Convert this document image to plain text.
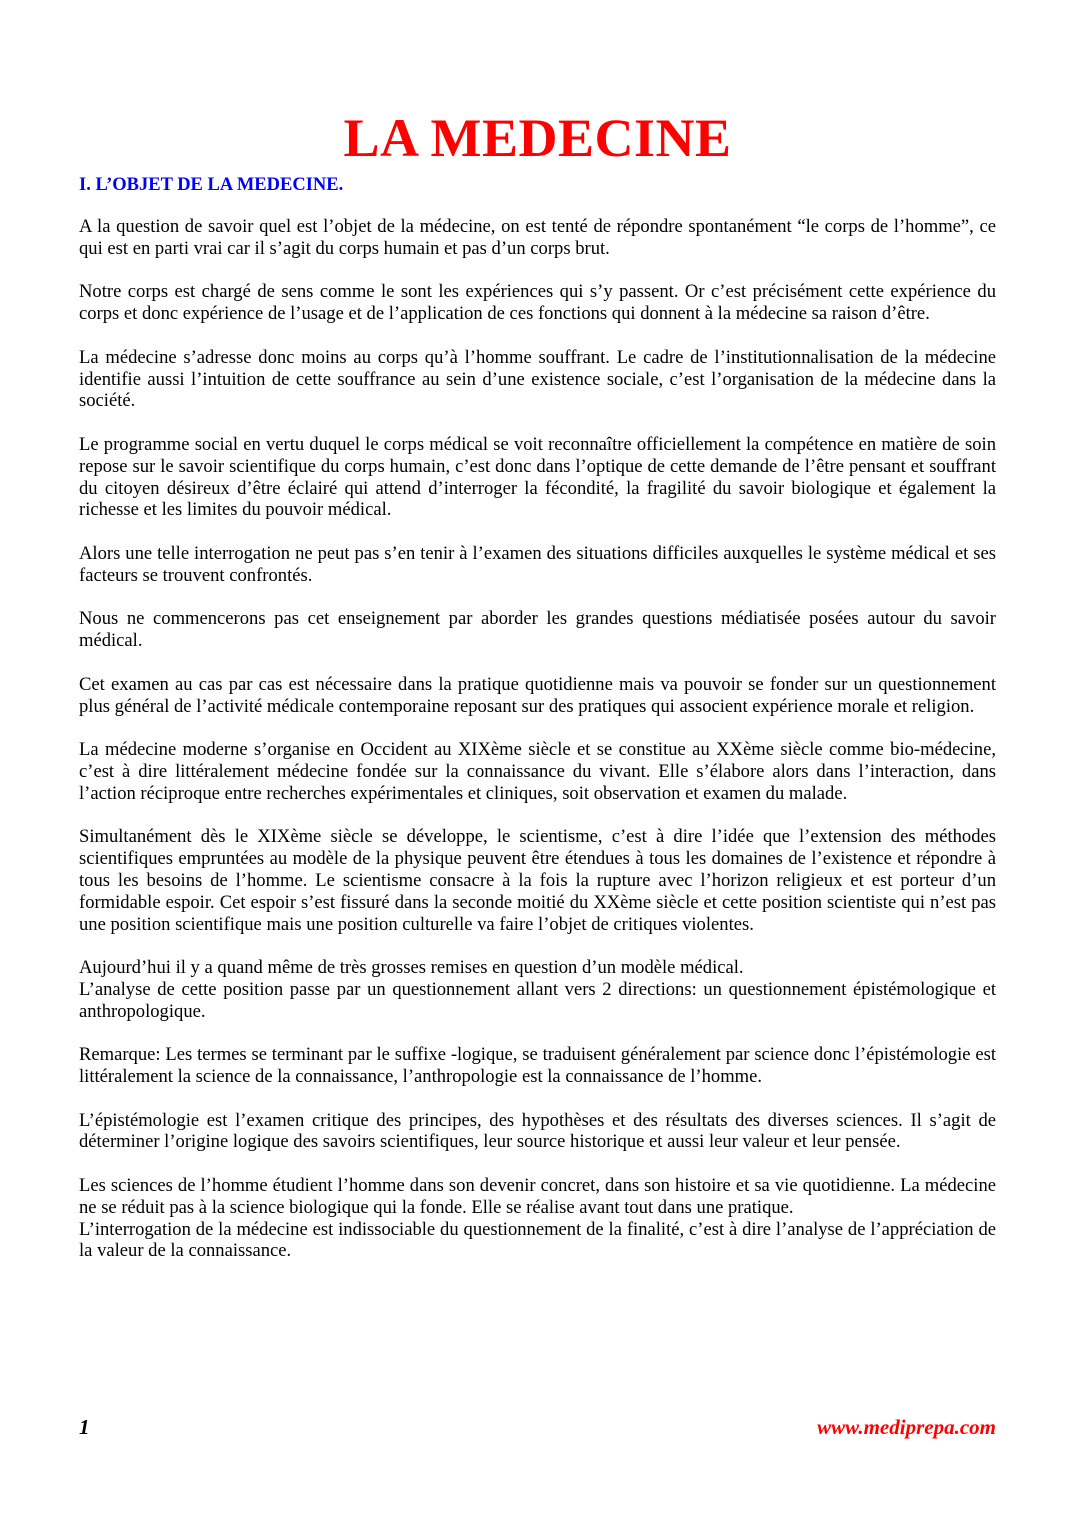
LA MEDECINE
I. L’OBJET DE LA MEDECINE.

A la question de savoir quel est l’objet de la médecine, on est tenté de répondre spontanément “le corps de l’homme”, ce qui est en parti vrai car il s’agit du corps humain et pas d’un corps brut.

Notre corps est chargé de sens comme le sont les expériences qui s’y passent. Or c’est précisément cette expérience du corps et donc expérience de l’usage et de l’application de ces fonctions qui donnent à la médecine sa raison d’être.

La médecine s’adresse donc moins au corps qu’à l’homme souffrant. Le cadre de l’institutionnalisation de la médecine identifie aussi l’intuition de cette souffrance au sein d’une existence sociale, c’est l’organisation de la médecine dans la société.

Le programme social en vertu duquel le corps médical se voit reconnaître officiellement la compétence en matière de soin repose sur le savoir scientifique du corps humain, c’est donc dans l’optique de cette demande de l’être pensant et souffrant du citoyen désireux d’être éclairé qui attend d’interroger la fécondité, la fragilité du savoir biologique et également la richesse et les limites du pouvoir médical.

Alors une telle interrogation ne peut pas s’en tenir à l’examen des situations difficiles auxquelles le système médical et ses facteurs se trouvent confrontés.

Nous ne commencerons pas cet enseignement par aborder les grandes questions médiatisée posées autour du savoir médical.

Cet examen au cas par cas est nécessaire dans la pratique quotidienne mais va pouvoir se fonder sur un questionnement plus général de l’activité médicale contemporaine reposant sur des pratiques qui associent expérience morale et religion.

La médecine moderne s’organise en Occident au XIXème siècle et se constitue au XXème siècle comme bio-médecine, c’est à dire littéralement médecine fondée sur la connaissance du vivant. Elle s’élabore alors dans l’interaction, dans l’action réciproque entre recherches expérimentales et cliniques, soit observation et examen du malade.

Simultanément dès le XIXème siècle se développe, le scientisme, c’est à dire l’idée que l’extension des méthodes scientifiques empruntées au modèle de la physique peuvent être étendues à tous les domaines de l’existence et répondre à tous les besoins de l’homme. Le scientisme consacre à la fois la rupture avec l’horizon religieux et est porteur d’un formidable espoir. Cet espoir s’est fissuré dans la seconde moitié du XXème siècle et cette position scientiste qui n’est pas une position scientifique mais une position culturelle va faire l’objet de critiques violentes.

Aujourd’hui il y a quand même de très grosses remises en question d’un modèle médical.

L’analyse de cette position passe par un questionnement allant vers 2 directions: un questionnement épistémologique et anthropologique.

Remarque: Les termes se terminant par le suffixe -logique, se traduisent généralement par science donc l’épistémologie est littéralement la science de la connaissance, l’anthropologie est la connaissance de l’homme.

L’épistémologie est l’examen critique des principes, des hypothèses et des résultats des diverses sciences. Il s’agit de déterminer l’origine logique des savoirs scientifiques, leur source historique et aussi leur valeur et leur pensée.

Les sciences de l’homme étudient l’homme dans son devenir concret, dans son histoire et sa vie quotidienne. La médecine ne se réduit pas à la science biologique qui la fonde. Elle se réalise avant tout dans une pratique.

L’interrogation de la médecine est indissociable du questionnement de la finalité, c’est à dire l’analyse de l’appréciation de la valeur de la connaissance.

1	www.mediprepa.com
